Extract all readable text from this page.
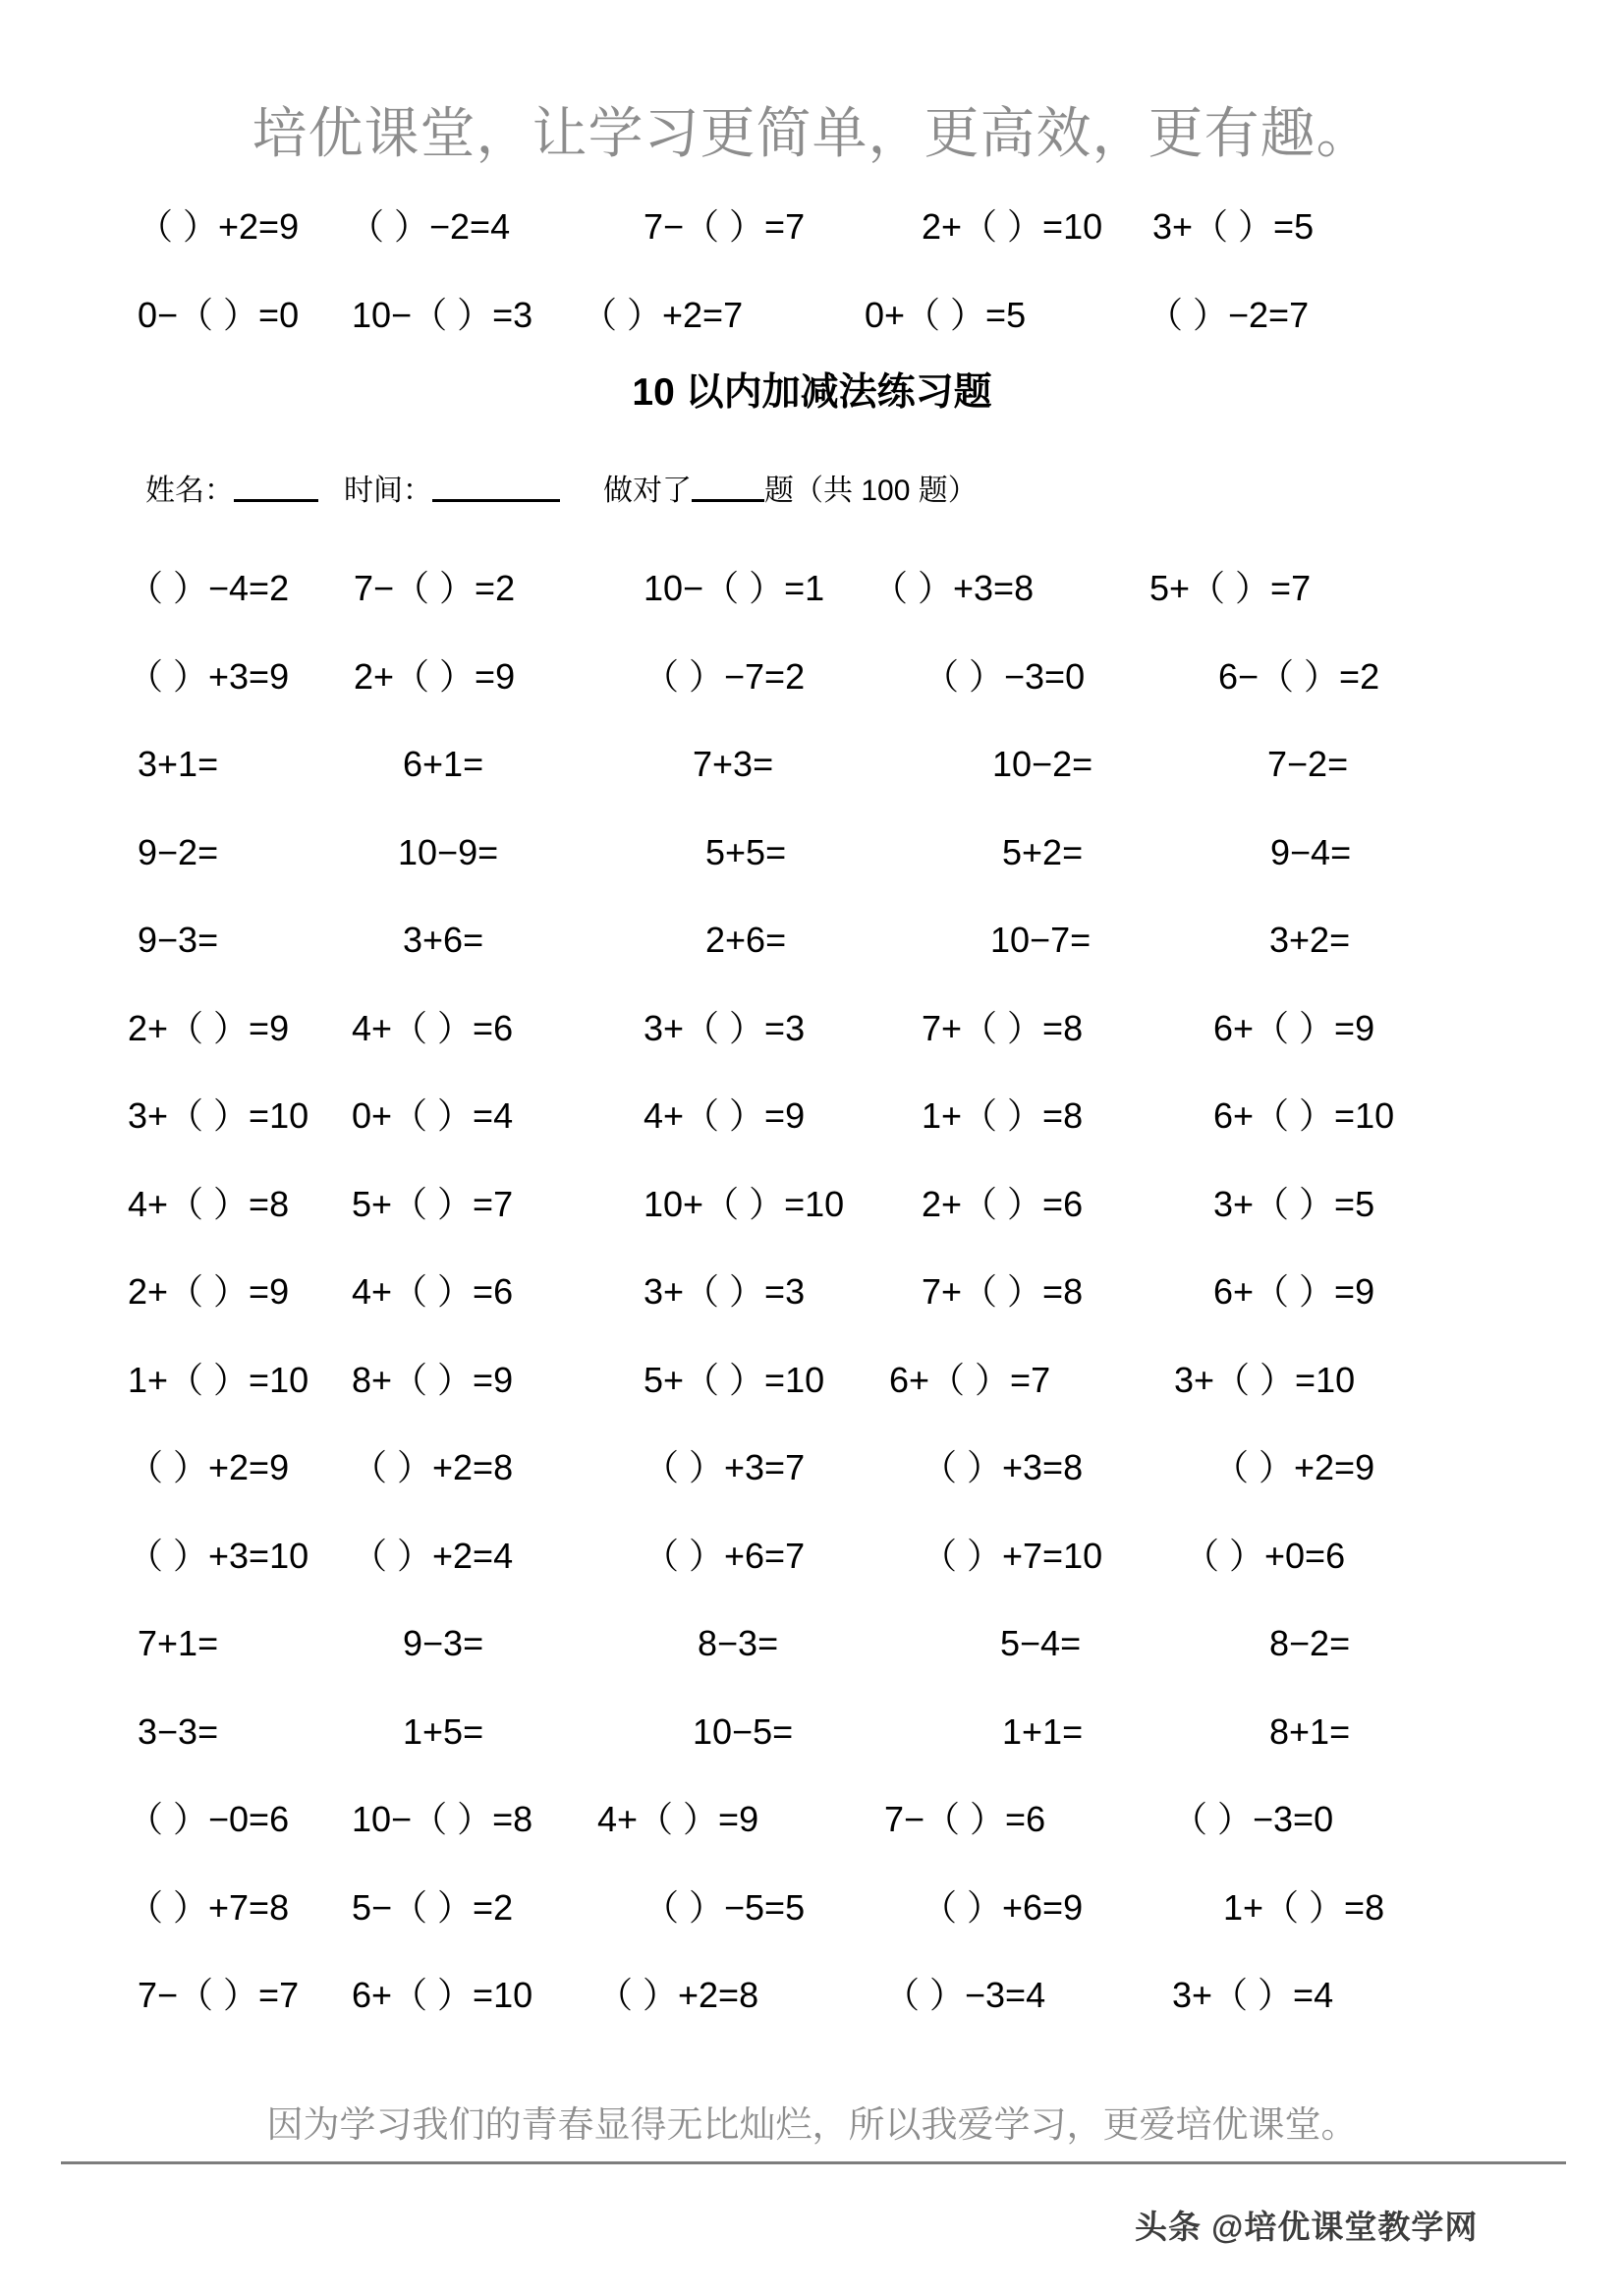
培优课堂，让学习更简单，更高效，更有趣。
（ ）+2=9 （ ）−2=4	7−（ ）=7	2+（ ）=10 3+（ ）=5
0−（ ）=0 10−（ ）=3 （ ）+2=7	0+（ ）=5	（ ）−2=7
10 以内加减法练习题
姓名：	时间：	做对了 题（共 100 题）
（ ）−4=2 7−（ ）=2	10−（ ）=1 （ ）+3=8	5+（ ）=7
（ ）+3=9 2+（ ）=9	（ ）−7=2	（ ）−3=0	6−（ ）=2
3+1=	6+1=	7+3=	10−2=	7−2=
9−2=	10−9=	5+5=	5+2=	9−4=
9−3=	3+6=	2+6=	10−7=	3+2=
2+（ ）=9 4+（ ）=6	3+（ ）=3	7+（ ）=8	6+（ ）=9
3+（ ）=10 0+（ ）=4	4+（ ）=9	1+（ ）=8	6+（ ）=10
4+（ ）=8 5+（ ）=7	10+（ ）=10 2+（ ）=6	3+（ ）=5
2+（ ）=9 4+（ ）=6	3+（ ）=3	7+（ ）=8	6+（ ）=9
1+（ ）=10 8+（ ）=9	5+（ ）=10 6+（ ）=7	3+（ ）=10
（ ）+2=9 （ ）+2=8	（ ）+3=7	（ ）+3=8	（ ）+2=9
（ ）+3=10 （ ）+2=4	（ ）+6=7	（ ）+7=10 （ ）+0=6
7+1=	9−3=	8−3=	5−4=	8−2=
3−3=	1+5=	10−5=	1+1=	8+1=
（ ）−0=6 10−（ ）=8 4+（ ）=9	7−（ ）=6	（ ）−3=0
（ ）+7=8 5−（ ）=2	（ ）−5=5	（ ）+6=9	1+（ ）=8
7−（ ）=7 6+（ ）=10 （ ）+2=8	（ ）−3=4	3+（ ）=4
因为学习我们的青春显得无比灿烂，所以我爱学习，更爱培优课堂。
头条 @培优课堂教学网
